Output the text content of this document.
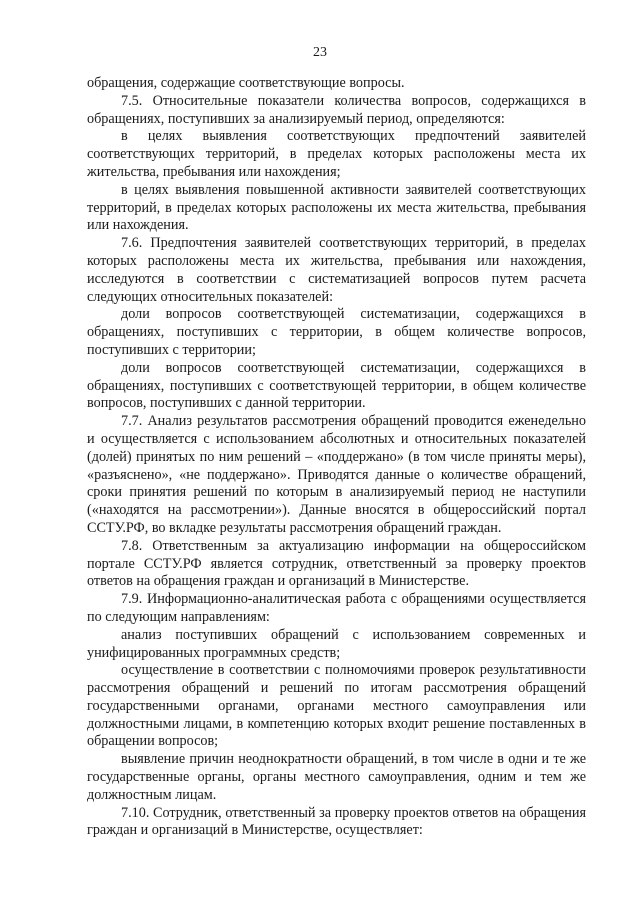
23

обращения, содержащие соответствующие вопросы.

7.5. Относительные показатели количества вопросов, содержащихся в обращениях, поступивших за анализируемый период, определяются:

в целях выявления соответствующих предпочтений заявителей соответствующих территорий, в пределах которых расположены места их жительства, пребывания или нахождения;

в целях выявления повышенной активности заявителей соответствующих территорий, в пределах которых расположены их места жительства, пребывания или нахождения.

7.6. Предпочтения заявителей соответствующих территорий, в пределах которых расположены места их жительства, пребывания или нахождения, исследуются в соответствии с систематизацией вопросов путем расчета следующих относительных показателей:

доли вопросов соответствующей систематизации, содержащихся в обращениях, поступивших с территории, в общем количестве вопросов, поступивших с территории;

доли вопросов соответствующей систематизации, содержащихся в обращениях, поступивших с соответствующей территории, в общем количестве вопросов, поступивших с данной территории.

7.7. Анализ результатов рассмотрения обращений проводится еженедельно и осуществляется с использованием абсолютных и относительных показателей (долей) принятых по ним решений – «поддержано» (в том числе приняты меры), «разъяснено», «не поддержано». Приводятся данные о количестве обращений, сроки принятия решений по которым в анализируемый период не наступили («находятся на рассмотрении»). Данные вносятся в общероссийский портал ССТУ.РФ, во вкладке результаты рассмотрения обращений граждан.

7.8. Ответственным за актуализацию информации на общероссийском портале ССТУ.РФ является сотрудник, ответственный за проверку проектов ответов на обращения граждан и организаций в Министерстве.

7.9. Информационно-аналитическая работа с обращениями осуществляется по следующим направлениям:

анализ поступивших обращений с использованием современных и унифицированных программных средств;

осуществление в соответствии с полномочиями проверок результативности рассмотрения обращений и решений по итогам рассмотрения обращений государственными органами, органами местного самоуправления или должностными лицами, в компетенцию которых входит решение поставленных в обращении вопросов;

выявление причин неоднократности обращений, в том числе в одни и те же государственные органы, органы местного самоуправления, одним и тем же должностным лицам.

7.10. Сотрудник, ответственный за проверку проектов ответов на обращения граждан и организаций в Министерстве, осуществляет:
